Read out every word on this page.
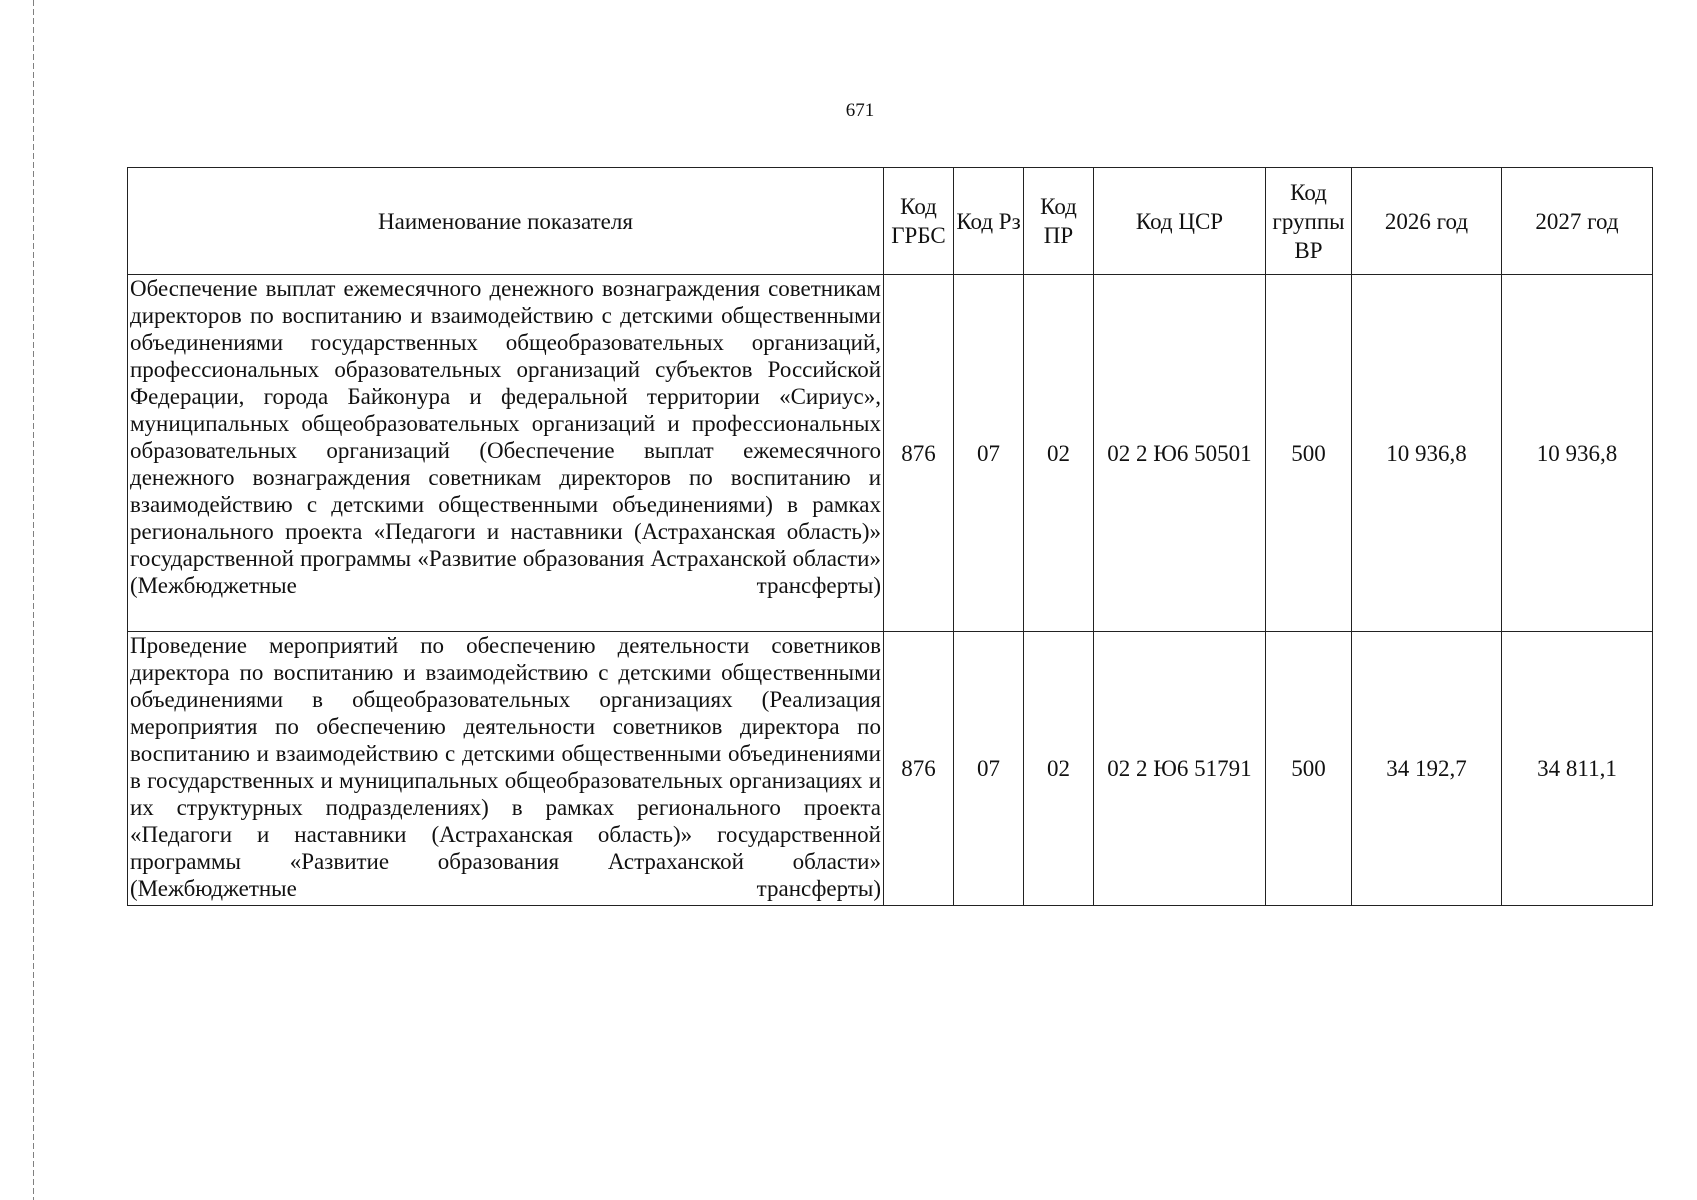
671
Наименование показателя	Код ГРБС	Код Рз	Код ПР	Код ЦСР	Код группы ВР	2026 год	2027 год

Обеспечение выплат ежемесячного денежного вознаграждения советникам директоров по воспитанию и взаимодействию с детскими общественными объединениями государственных общеобразовательных организаций, профессиональных образовательных организаций субъектов Российской Федерации, города Байконура и федеральной территории «Сириус», муниципальных общеобразовательных организаций и профессиональных образовательных организаций (Обеспечение выплат ежемесячного денежного вознаграждения советникам директоров по воспитанию и взаимодействию с детскими общественными объединениями) в рамках регионального проекта «Педагоги и наставники (Астраханская область)» государственной программы «Развитие образования Астраханской области» (Межбюджетные трансферты)	876	07	02	02 2 Ю6 50501	500	10 936,8	10 936,8

Проведение мероприятий по обеспечению деятельности советников директора по воспитанию и взаимодействию с детскими общественными объединениями в общеобразовательных организациях (Реализация мероприятия по обеспечению деятельности советников директора по воспитанию и взаимодействию с детскими общественными объединениями в государственных и муниципальных общеобразовательных организациях и их структурных подразделениях) в рамках регионального проекта «Педагоги и наставники (Астраханская область)» государственной программы «Развитие образования Астраханской области» (Межбюджетные трансферты)	876	07	02	02 2 Ю6 51791	500	34 192,7	34 811,1
